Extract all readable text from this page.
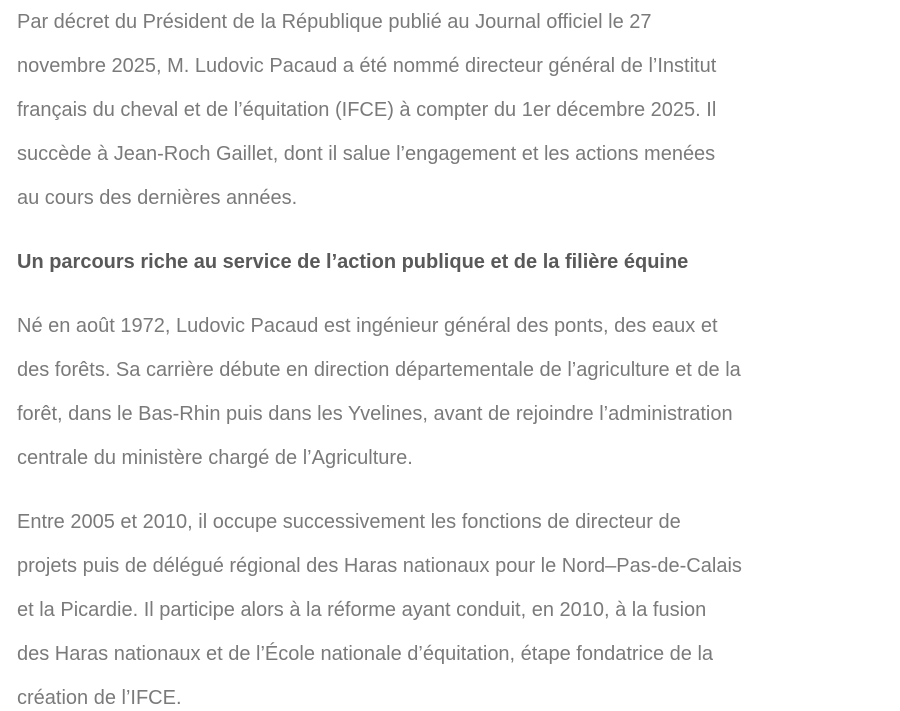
Par décret du Président de la République publié au Journal officiel le 27
novembre 2025, M. Ludovic Pacaud a été nommé directeur général de l’Institut
français du cheval et de l’équitation (IFCE) à compter du 1er décembre 2025. Il
succède à Jean-Roch Gaillet, dont il salue l’engagement et les actions menées
au cours des dernières années.

Un parcours riche au service de l’action publique et de la filière équine

Né en août 1972, Ludovic Pacaud est ingénieur général des ponts, des eaux et
des forêts. Sa carrière débute en direction départementale de l’agriculture et de la
forêt, dans le Bas-Rhin puis dans les Yvelines, avant de rejoindre l’administration
centrale du ministère chargé de l’Agriculture.

Entre 2005 et 2010, il occupe successivement les fonctions de directeur de
projets puis de délégué régional des Haras nationaux pour le Nord–Pas-de-Calais
et la Picardie. Il participe alors à la réforme ayant conduit, en 2010, à la fusion
des Haras nationaux et de l’École nationale d’équitation, étape fondatrice de la
création de l’IFCE.
